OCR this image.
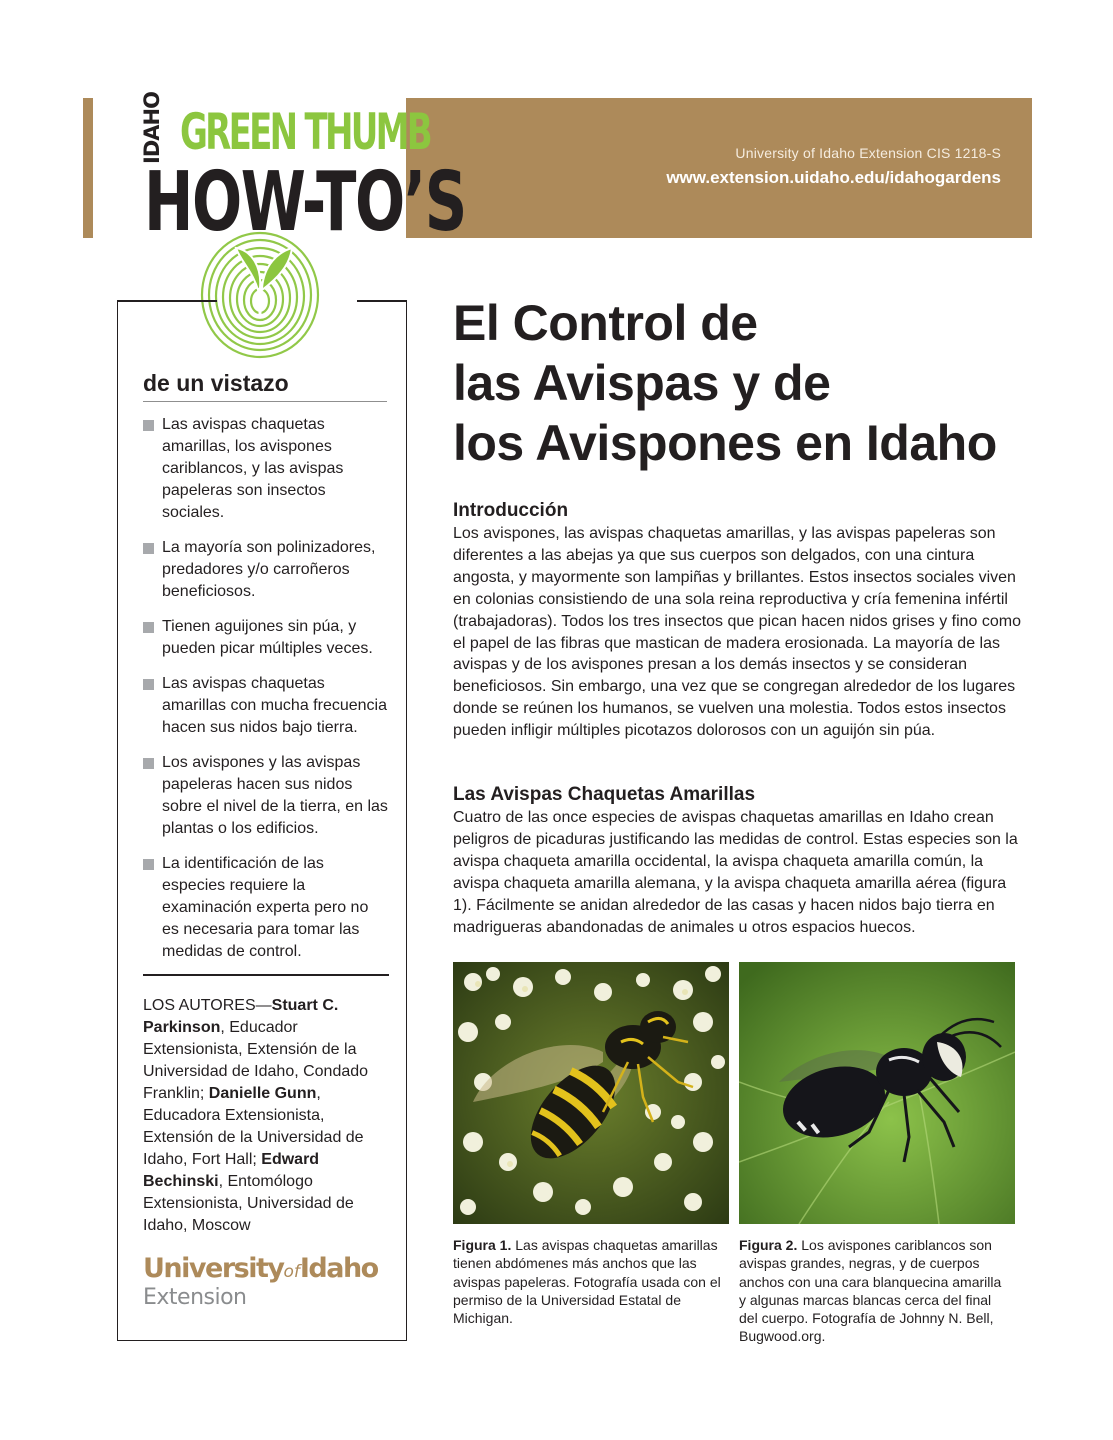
University of Idaho Extension CIS 1218-S
www.extension.uidaho.edu/idahogardens
IDAHO GREEN THUMB
HOW-TO’S
de un vistazo
Las avispas chaquetas amarillas, los avispones cariblancos, y las avispas papeleras son insectos sociales.
La mayoría son polinizadores, predadores y/o carroñeros beneficiosos.
Tienen aguijones sin púa, y pueden picar múltiples veces.
Las avispas chaquetas amarillas con mucha frecuencia hacen sus nidos bajo tierra.
Los avispones y las avispas papeleras hacen sus nidos sobre el nivel de la tierra, en las plantas o los edificios.
La identificación de las especies requiere la examinación experta pero no es necesaria para tomar las medidas de control.

LOS AUTORES—Stuart C. Parkinson, Educador Extensionista, Extensión de la Universidad de Idaho, Condado Franklin; Danielle Gunn, Educadora Extensionista, Extensión de la Universidad de Idaho, Fort Hall; Edward Bechinski, Entomólogo Extensionista, Universidad de Idaho, Moscow

UniversityofIdaho
Extension
El Control de
las Avispas y de
los Avispones en Idaho
Introducción

Los avispones, las avispas chaquetas amarillas, y las avispas papeleras son diferentes a las abejas ya que sus cuerpos son delgados, con una cintura angosta, y mayormente son lampiñas y brillantes. Estos insectos sociales viven en colonias consistiendo de una sola reina reproductiva y cría femenina infértil (trabajadoras). Todos los tres insectos que pican hacen nidos grises y fino como el papel de las fibras que mastican de madera erosionada. La mayoría de las avispas y de los avispones presan a los demás insectos y se consideran beneficiosos. Sin embargo, una vez que se congregan alrededor de los lugares donde se reúnen los humanos, se vuelven una molestia. Todos estos insectos pueden infligir múltiples picotazos dolorosos con un aguijón sin púa.

Las Avispas Chaquetas Amarillas

Cuatro de las once especies de avispas chaquetas amarillas en Idaho crean peligros de picaduras justificando las medidas de control. Estas especies son la avispa chaqueta amarilla occidental, la avispa chaqueta amarilla común, la avispa chaqueta amarilla alemana, y la avispa chaqueta amarilla aérea (figura 1). Fácilmente se anidan alrededor de las casas y hacen nidos bajo tierra en madrigueras abandonadas de animales u otros espacios huecos.

Figura 1. Las avispas chaquetas amarillas tienen abdómenes más anchos que las avispas papeleras. Fotografía usada con el permiso de la Universidad Estatal de Michigan.

Figura 2. Los avispones cariblancos son avispas grandes, negras, y de cuerpos anchos con una cara blanquecina amarilla y algunas marcas blancas cerca del final del cuerpo. Fotografía de Johnny N. Bell, Bugwood.org.
